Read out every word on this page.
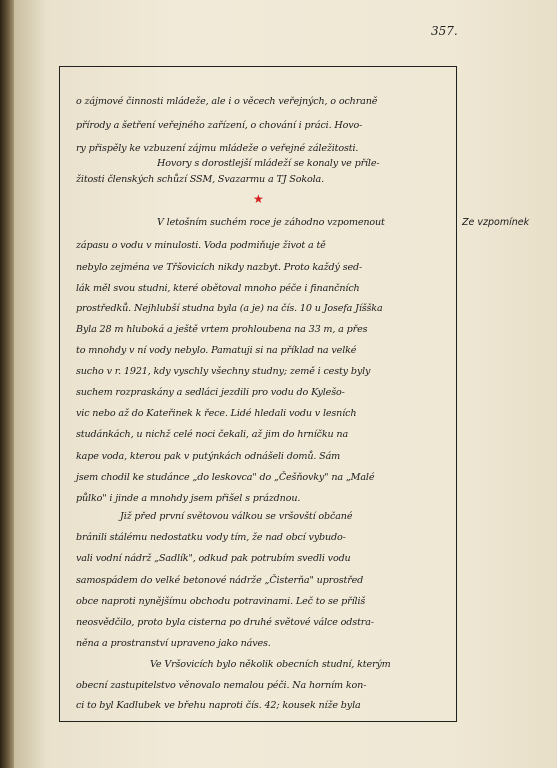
357.
Ze vzpomínek
★
o zájmové činnosti mládeže, ale i o věcech veřejných, o ochraně
přírody a šetření veřejného zařízení, o chování i práci. Hovo-
ry přispěly ke vzbuzení zájmu mládeže o veřejné záležitosti.
Hovory s dorostlejší mládeží se konaly ve příle-
žitosti členských schůzí SSM, Svazarmu a TJ Sokola.
V letošním suchém roce je záhodno vzpomenout
zápasu o vodu v minulosti. Voda podmiňuje život a tě
nebylo zejména ve Třšovicích nikdy nazbyt. Proto každý sed-
lák měl svou studni, které obětoval mnoho péče i finančních
prostředků. Nejhlubší studna byla (a je) na čís. 10 u Josefa Jíšška
Byla 28 m hluboká a ještě vrtem prohloubena na 33 m, a přes
to mnohdy v ní vody nebylo. Pamatuji si na příklad na velké
sucho v r. 1921, kdy vyschly všechny studny; země i cesty byly
suchem rozpraskány a sedláci jezdili pro vodu do Kylešo-
vic nebo až do Kateřinek k řece. Lidé hledali vodu v lesních
studánkách, u nichž celé noci čekali, až jim do hrníčku na
kape voda, kterou pak v putýnkách odnášeli domů. Sám
jsem chodil ke studánce „do leskovca" do „Češňovky" na „Malé
půlko" i jinde a mnohdy jsem přišel s prázdnou.
Již před první světovou válkou se vršovští občané
bránili stálému nedostatku vody tím, že nad obcí vybudo-
vali vodní nádrž „Sadlík", odkud pak potrubím svedli vodu
samospádem do velké betonové nádrže „Čisterňa" uprostřed
obce naproti nynějšímu obchodu potravinami. Leč to se příliš
neosvědčilo, proto byla cisterna po druhé světové válce odstra-
něna a prostranství upraveno jako náves.
Ve Vršovicích bylo několik obecních studní, kterým
obecní zastupitelstvo věnovalo nemalou péči. Na horním kon-
ci to byl Kadlubek ve břehu naproti čís. 42; kousek níže byla
